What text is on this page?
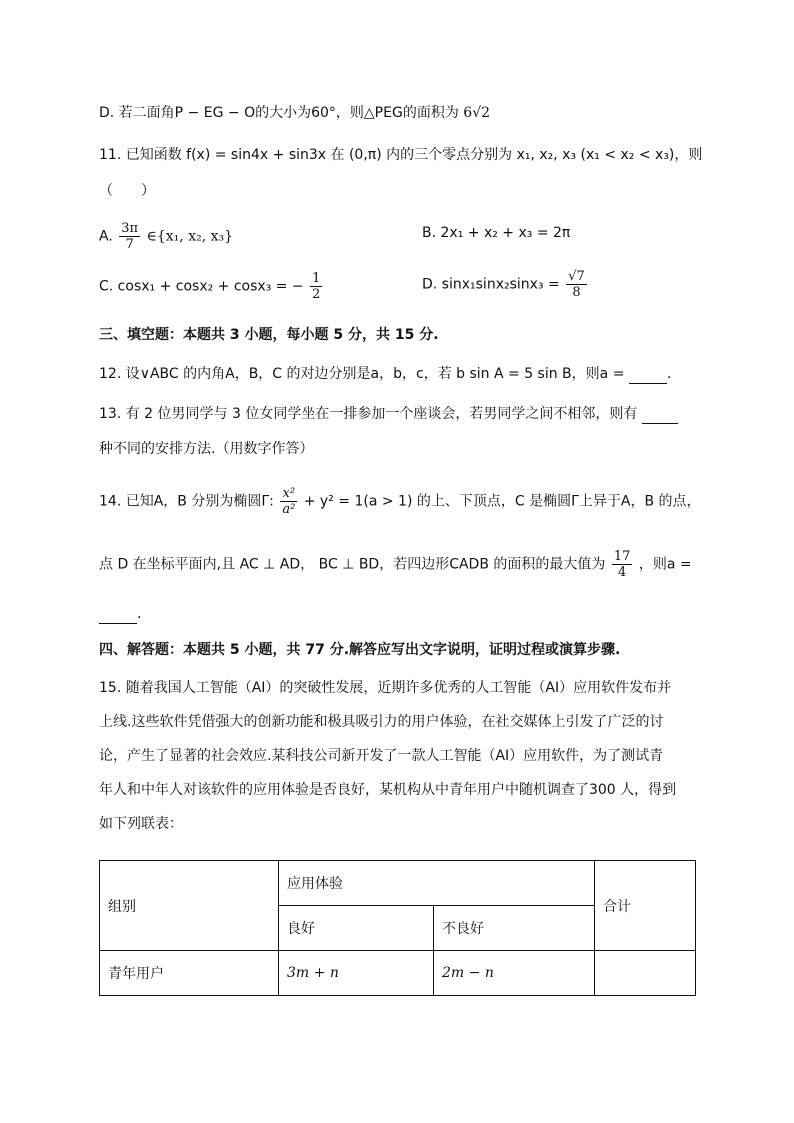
D. 若二面角P − EG − O的大小为60°，则△PEG的面积为 6√2
11. 已知函数 f(x) = sin4x + sin3x 在 (0,π) 内的三个零点分别为 x₁, x₂, x₃ (x₁ < x₂ < x₃)，则
（　　）
A. $\frac{3\pi}{7}$ ∈{x₁, x₂, x₃}	B. 2x₁ + x₂ + x₃ = 2π
C. cosx₁ + cosx₂ + cosx₃ = − $\frac{1}{2}$	D. $\sin x_1\sin x_2\sin x_3 = \frac{√7}{8}$
三、填空题：本题共 3 小题，每小题 5 分，共 15 分.
12. 设∨ABC 的内角A，B，C 的对边分别是a，b，c，若 b sin A = 5 sin B，则a =	.
13. 有 2 位男同学与 3 位女同学坐在一排参加一个座谈会，若男同学之间不相邻，则有
种不同的安排方法.（用数字作答）
14. 已知A，B 分别为椭圆Γ: $\frac{\text{x²}}{\text{a²}} + y^2 = 1(a > 1)$ 的上、下顶点，C 是椭圆Γ上异于A，B 的点，
点 D 在坐标平面内,且 AC ⊥ AD， BC ⊥ BD，若四边形CADB 的面积的最大值为 $\frac{17}{4}$ ，则a =
.
四、解答题：本题共 5 小题，共 77 分.解答应写出文字说明，证明过程或演算步骤.
15. 随着我国人工智能（AI）的突破性发展，近期许多优秀的人工智能（AI）应用软件发布并
上线.这些软件凭借强大的创新功能和极具吸引力的用户体验，在社交媒体上引发了广泛的讨
论，产生了显著的社会效应.某科技公司新开发了一款人工智能（AI）应用软件，为了测试青
年人和中年人对该软件的应用体验是否良好，某机构从中青年用户中随机调查了300 人，得到
如下列联表：
组别	应用体验		合计
	良好	不良好	
青年用户	3m + n	2m − n	
